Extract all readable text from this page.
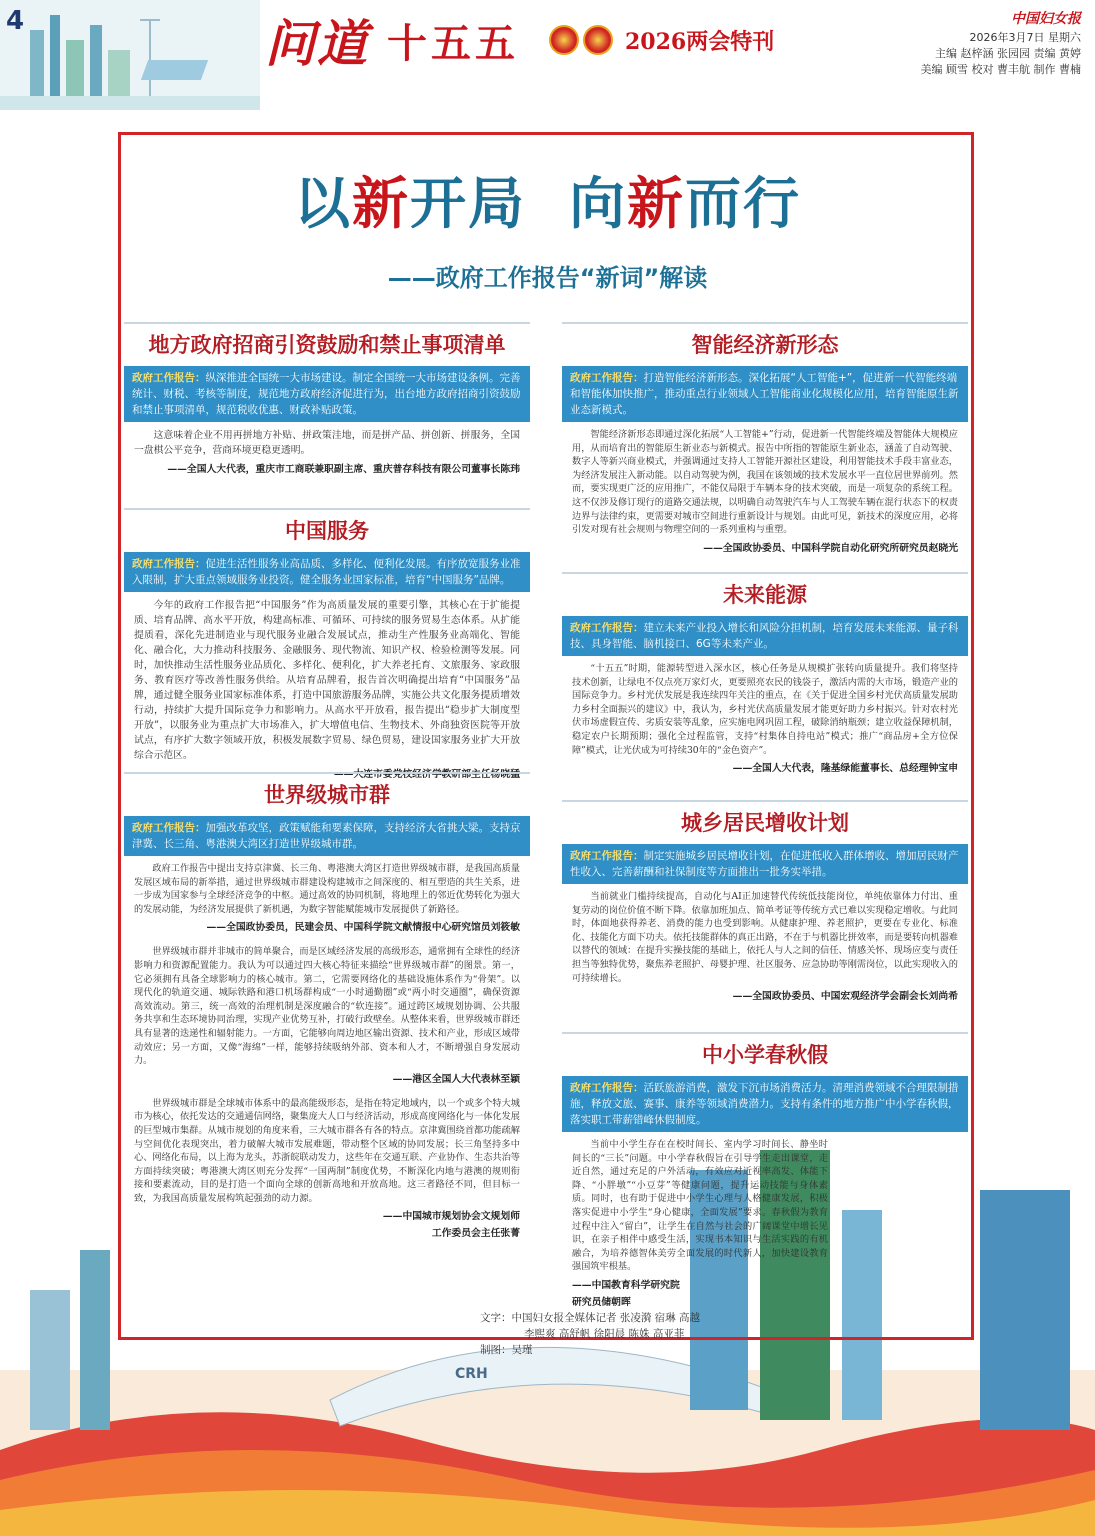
4	问道 十五五	2026两会特刊
中国妇女报
2026年3月7日 星期六
主编 赵梓涵 张园园 责编 黄婷
美编 顾雪 校对 曹丰航 制作 曹楠
CRH
以新开局  向新而行
——政府工作报告“新词”解读
地方政府招商引资鼓励和禁止事项清单
政府工作报告：纵深推进全国统一大市场建设。制定全国统一大市场建设条例。完善统计、财税、考核等制度，规范地方政府经济促进行为，出台地方政府招商引资鼓励和禁止事项清单，规范税收优惠、财政补贴政策。
这意味着企业不用再拼地方补贴、拼政策洼地，而是拼产品、拼创新、拼服务，全国一盘棋公平竞争，营商环境更稳更透明。
——全国人大代表，重庆市工商联兼职副主席、重庆普存科技有限公司董事长陈玮
中国服务
政府工作报告：促进生活性服务业高品质、多样化、便利化发展。有序放宽服务业准入限制，扩大重点领域服务业投资。健全服务业国家标准，培育“中国服务”品牌。
今年的政府工作报告把“中国服务”作为高质量发展的重要引擎，其核心在于扩能提质、培育品牌、高水平开放，构建高标准、可循环、可持续的服务贸易生态体系。从扩能提质看，深化先进制造业与现代服务业融合发展试点，推动生产性服务业高端化、智能化、融合化，大力推动科技服务、金融服务、现代物流、知识产权、检验检测等发展。同时，加快推动生活性服务业品质化、多样化、便利化，扩大养老托育、文旅服务、家政服务、教育医疗等改善性服务供给。从培育品牌看，报告首次明确提出培育“中国服务”品牌，通过健全服务业国家标准体系，打造中国旅游服务品牌，实施公共文化服务提质增效行动，持续扩大提升国际竞争力和影响力。从高水平开放看，报告提出“稳步扩大制度型开放”，以服务业为重点扩大市场准入，扩大增值电信、生物技术、外商独资医院等开放试点，有序扩大数字领域开放，积极发展数字贸易、绿色贸易，建设国家服务业扩大开放综合示范区。
——大连市委党校经济学教研部主任杨晓猛
世界级城市群
政府工作报告：加强改革攻坚，政策赋能和要素保障，支持经济大省挑大梁。支持京津冀、长三角、粤港澳大湾区打造世界级城市群。
政府工作报告中提出支持京津冀、长三角、粤港澳大湾区打造世界级城市群，是我国高质量发展区域布局的新举措，通过世界级城市群建设构建城市之间深度的、相互塑造的共生关系，进一步成为国家参与全球经济竞争的中枢。通过高效的协同机制，将地理上的邻近优势转化为强大的发展动能，为经济发展提供了新机遇，为数字智能赋能城市发展提供了新路径。
——全国政协委员，民建会员、中国科学院文献情报中心研究馆员刘筱敏
世界级城市群并非城市的简单聚合，而是区域经济发展的高级形态，通常拥有全球性的经济影响力和资源配置能力。我认为可以通过四大核心特征来描绘“世界级城市群”的图景。第一，它必须拥有具备全球影响力的核心城市。第二，它需要网络化的基础设施体系作为“骨架”。以现代化的轨道交通、城际铁路和港口机场群构成“一小时通勤圈”或“两小时交通圈”，确保资源高效流动。第三，统一高效的治理机制是深度融合的“软连接”。通过跨区域规划协调、公共服务共享和生态环境协同治理，实现产业优势互补，打破行政壁垒。从整体来看，世界级城市群还具有显著的迭递性和辐射能力。一方面，它能够向周边地区输出资源、技术和产业，形成区域带动效应；另一方面，又像“海绵”一样，能够持续吸纳外部、资本和人才，不断增强自身发展动力。
——港区全国人大代表林至颖
世界级城市群是全球城市体系中的最高能级形态，是指在特定地域内，以一个或多个特大城市为核心，依托发达的交通通信网络，聚集庞大人口与经济活动，形成高度网络化与一体化发展的巨型城市集群。从城市规划的角度来看，三大城市群各有各的特点。京津冀围绕首都功能疏解与空间优化表现突出，着力破解大城市发展难题，带动整个区域的协同发展；长三角坚持多中心、网络化布局，以上海为龙头，苏浙皖联动发力，这些年在交通互联、产业协作、生态共治等方面持续突破；粤港澳大湾区则充分发挥“一国两制”制度优势，不断深化内地与港澳的规则衔接和要素流动，目的是打造一个面向全球的创新高地和开放高地。这三者路径不同，但目标一致，为我国高质量发展构筑起强劲的动力源。
——中国城市规划协会文规划师
工作委员会主任张菁
智能经济新形态
政府工作报告：打造智能经济新形态。深化拓展“人工智能+”，促进新一代智能终端和智能体加快推广，推动重点行业领域人工智能商业化规模化应用，培育智能原生新业态新模式。
智能经济新形态即通过深化拓展“人工智能+”行动，促进新一代智能终端及智能体大规模应用，从而培育出的智能原生新业态与新模式。报告中所指的智能原生新业态，涵盖了自动驾驶、数字人等新兴商业模式，并强调通过支持人工智能开源社区建设，利用智能技术手段丰富业态，为经济发展注入新动能。以自动驾驶为例，我国在该领域的技术发展水平一直位居世界前列。然而，要实现更广泛的应用推广，不能仅局限于车辆本身的技术突破，而是一项复杂的系统工程。这不仅涉及修订现行的道路交通法规，以明确自动驾驶汽车与人工驾驶车辆在混行状态下的权责边界与法律约束，更需要对城市空间进行重新设计与规划。由此可见，新技术的深度应用，必将引发对现有社会规则与物理空间的一系列重构与重塑。
——全国政协委员、中国科学院自动化研究所研究员赵晓光
未来能源
政府工作报告：建立未来产业投入增长和风险分担机制，培育发展未来能源、量子科技、具身智能、脑机接口、6G等未来产业。
“十五五”时期，能源转型进入深水区，核心任务是从规模扩张转向质量提升。我们将坚持技术创新，让绿电不仅点亮万家灯火，更要照亮农民的钱袋子，激活内需的大市场，锻造产业的国际竞争力。乡村光伏发展是我连续四年关注的重点，在《关于促进全国乡村光伏高质量发展助力乡村全面振兴的建议》中，我认为，乡村光伏高质量发展才能更好助力乡村振兴。针对农村光伏市场虚假宣传、劣质安装等乱象，应实施电网巩固工程，破除消纳瓶颈；建立收益保障机制，稳定农户长期预期；强化全过程监管，支持“村集体自持电站”模式；推广“商品房+全方位保障”模式，让光伏成为可持续30年的“金色资产”。
——全国人大代表，隆基绿能董事长、总经理钟宝申
城乡居民增收计划
政府工作报告：制定实施城乡居民增收计划，在促进低收入群体增收、增加居民财产性收入、完善薪酬和社保制度等方面推出一批务实举措。
当前就业门槛持续提高，自动化与AI正加速替代传统低技能岗位，单纯依靠体力付出、重复劳动的岗位价值不断下降。依靠加班加点、简单考证等传统方式已难以实现稳定增收。与此同时，体面地获得养老、消费的能力也受到影响。从健康护理、养老照护，更要在专业化、标准化、技能化方面下功夫。依托技能群体的真正出路，不在于与机器比拼效率，而是要转向机器难以替代的领域：在提升实操技能的基础上，依托人与人之间的信任、情感关怀、现场应变与责任担当等独特优势，聚焦养老照护、母婴护理、社区服务、应急协助等刚需岗位，以此实现收入的可持续增长。
——全国政协委员、中国宏观经济学会副会长刘尚希
中小学春秋假
政府工作报告：活跃旅游消费，激发下沉市场消费活力。清理消费领域不合理限制措施，释放文旅、赛事、康养等领域消费潜力。支持有条件的地方推广中小学春秋假，落实职工带薪错峰休假制度。
当前中小学生存在在校时间长、室内学习时间长、静坐时间长的“三长”问题。中小学春秋假旨在引导学生走出课堂，走近自然，通过充足的户外活动，有效应对近视率高发、体能下降、“小胖墩”“小豆芽”等健康问题，提升运动技能与身体素质。同时，也有助于促进中小学生心理与人格健康发展，积极落实促进中小学生“身心健康，全面发展”要求。春秋假为教育过程中注入“留白”，让学生在自然与社会的广阔课堂中增长见识，在亲子相伴中感受生活，实现书本知识与生活实践的有机融合，为培养德智体美劳全面发展的时代新人，加快建设教育强国筑牢根基。
——中国教育科学研究院
研究员储朝晖
文字：中国妇女报全媒体记者 张凌漪 宿琳 高越
李熙爽 高舒帆 徐阳晨 陈姝 高亚菲
制图：吴瑾
